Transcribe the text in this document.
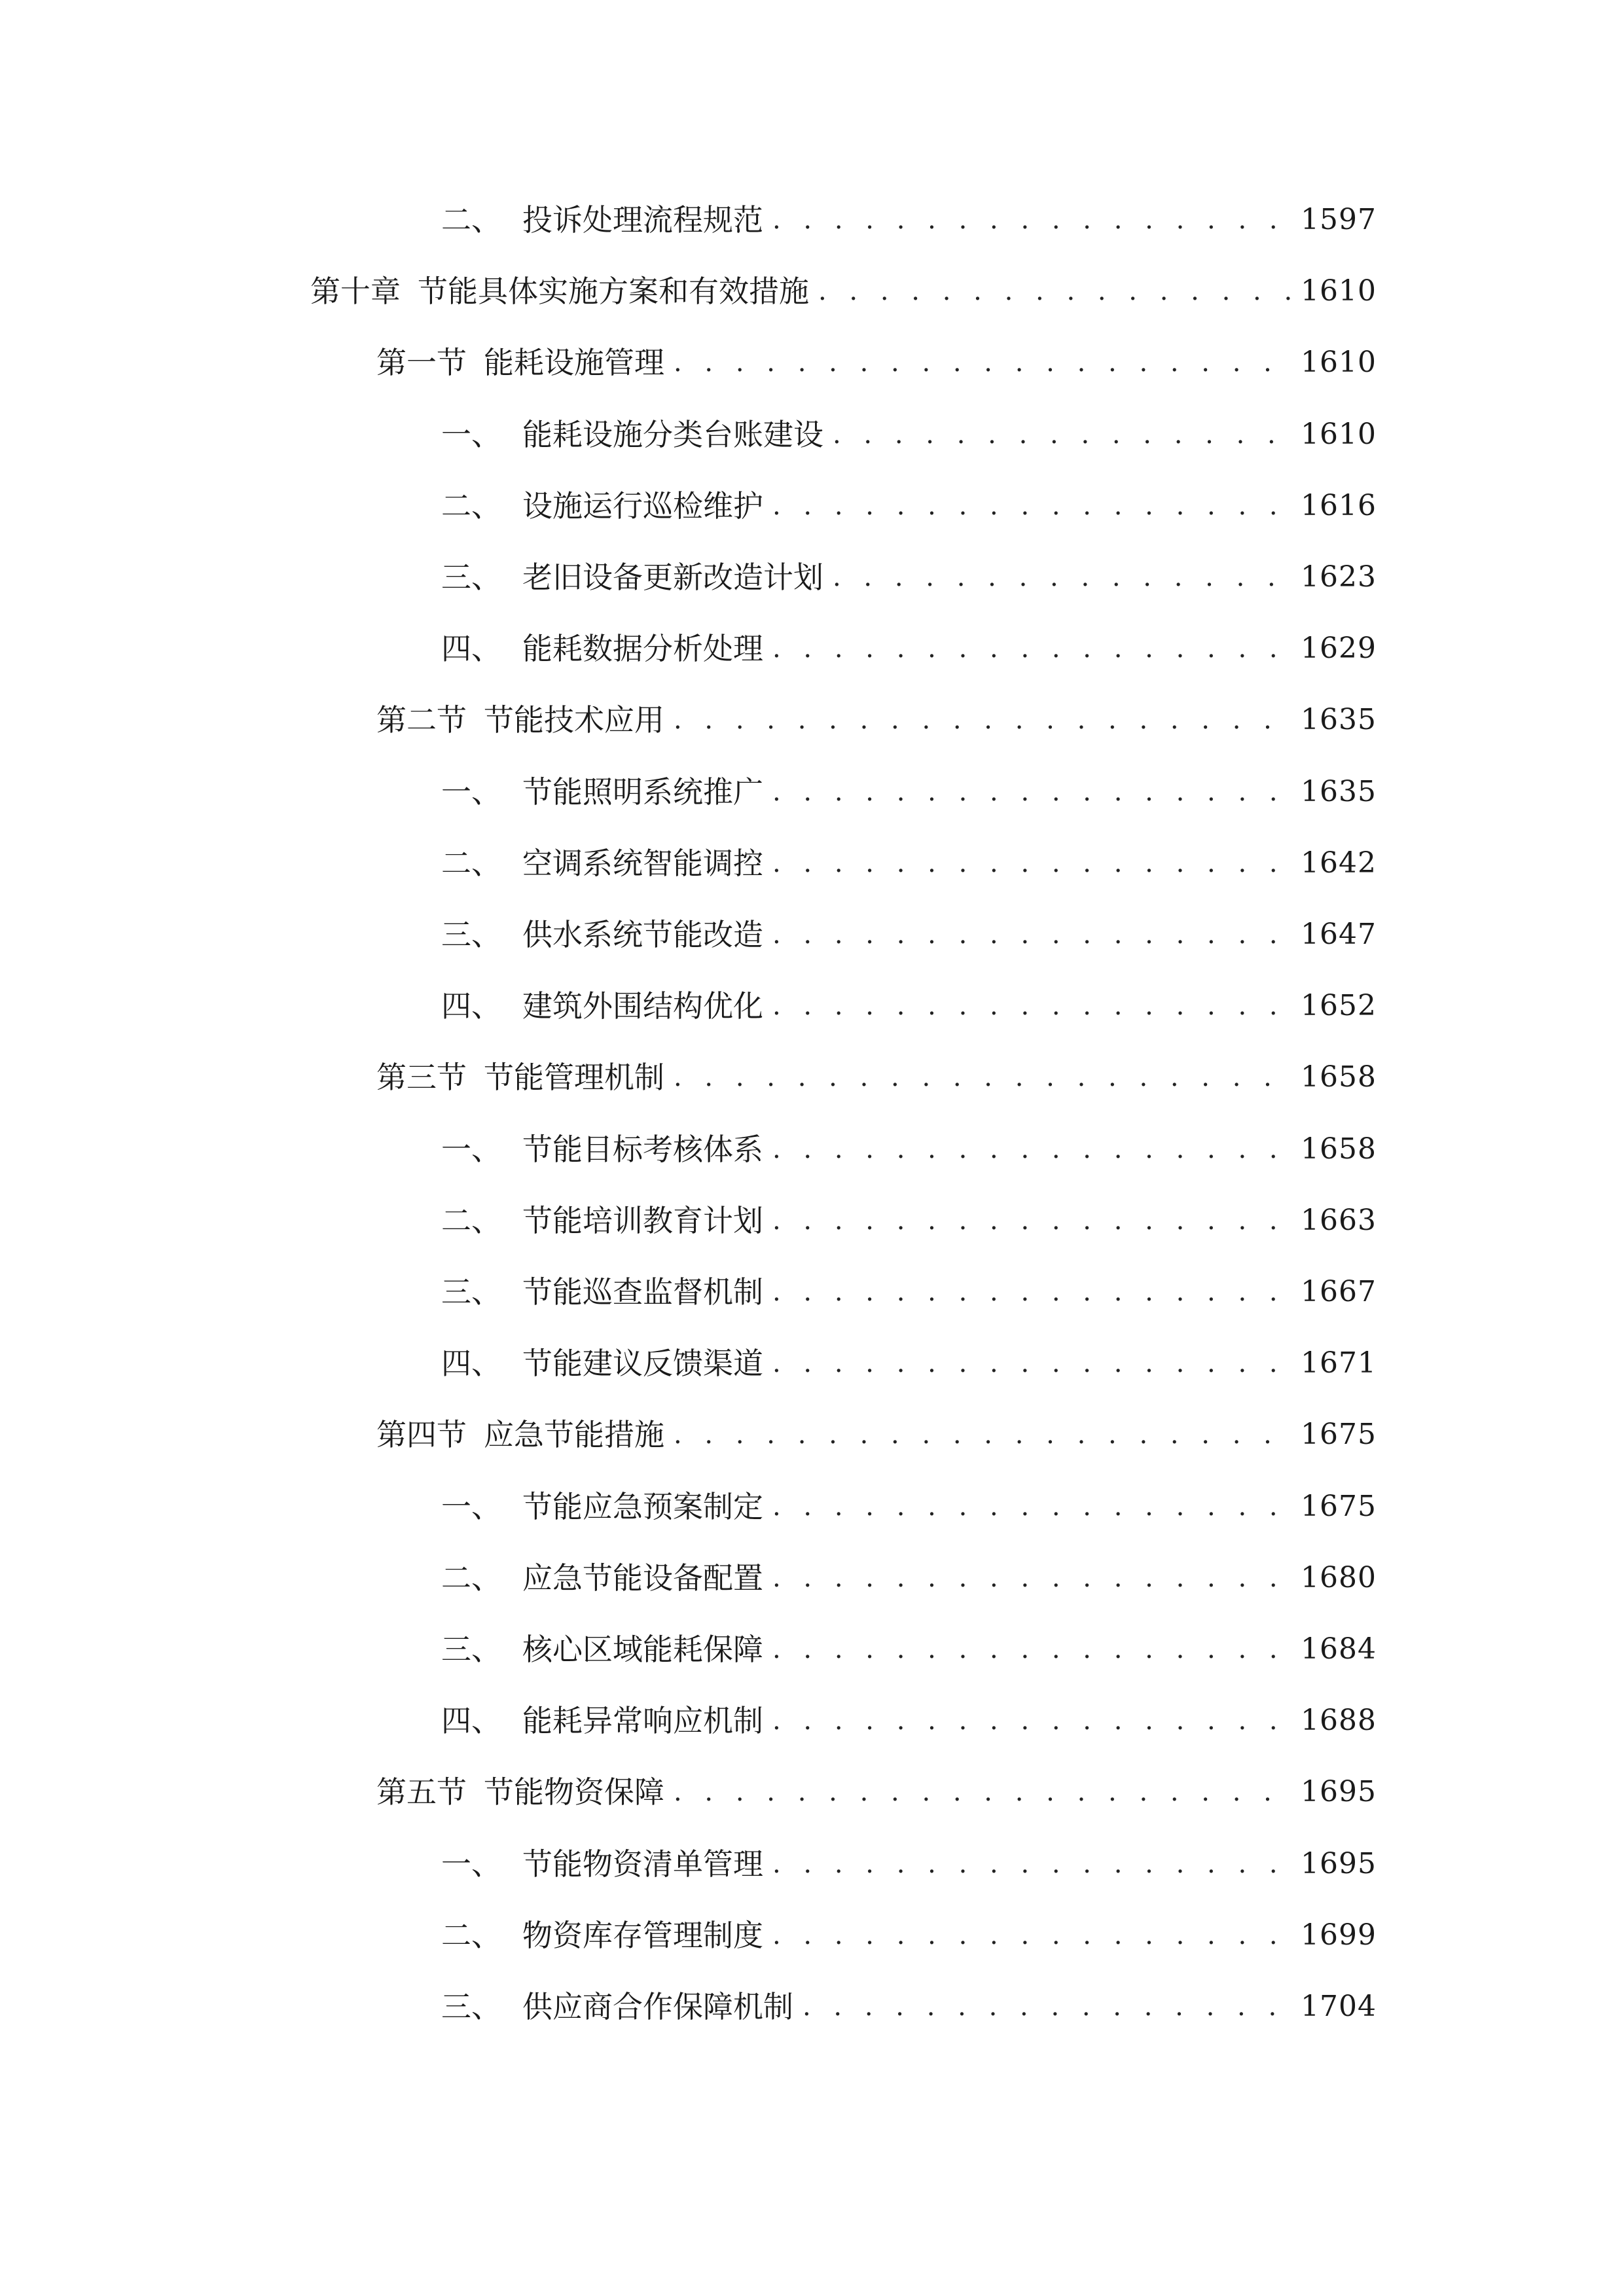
二、 投诉处理流程规范 . . .	1597
第十章 节能具体实施方案和有效措施 . . .	1610
第一节 能耗设施管理 . . .	1610
一、 能耗设施分类台账建设 . . .	1610
二、 设施运行巡检维护 . . .	1616
三、 老旧设备更新改造计划 . . .	1623
四、 能耗数据分析处理 . . .	1629
第二节 节能技术应用 . . .	1635
一、 节能照明系统推广 . . .	1635
二、 空调系统智能调控 . . .	1642
三、 供水系统节能改造 . . .	1647
四、 建筑外围结构优化 . . .	1652
第三节 节能管理机制 . . .	1658
一、 节能目标考核体系 . . .	1658
二、 节能培训教育计划 . . .	1663
三、 节能巡查监督机制 . . .	1667
四、 节能建议反馈渠道 . . .	1671
第四节 应急节能措施 . . .	1675
一、 节能应急预案制定 . . .	1675
二、 应急节能设备配置 . . .	1680
三、 核心区域能耗保障 . . .	1684
四、 能耗异常响应机制 . . .	1688
第五节 节能物资保障 . . .	1695
一、 节能物资清单管理 . . .	1695
二、 物资库存管理制度 . . .	1699
三、 供应商合作保障机制 . . .	1704
